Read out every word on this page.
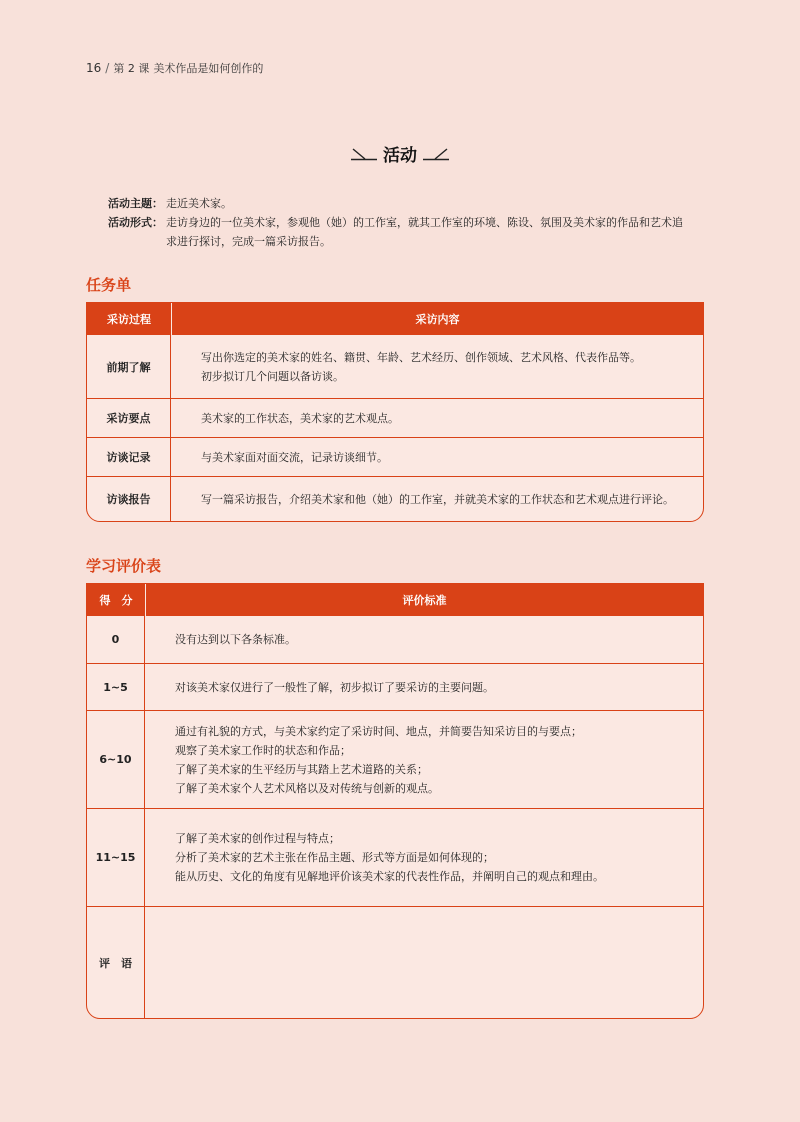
16 / 第 2 课 美术作品是如何创作的
活动
活动主题： 走近美术家。
活动形式： 走访身边的一位美术家，参观他（她）的工作室，就其工作室的环境、陈设、氛围及美术家的作品和艺术追
求进行探讨，完成一篇采访报告。
任务单
采访过程	采访内容
前期了解	写出你选定的美术家的姓名、籍贯、年龄、艺术经历、创作领域、艺术风格、代表作品等。
初步拟订几个问题以备访谈。

采访要点	美术家的工作状态，美术家的艺术观点。

访谈记录	与美术家面对面交流，记录访谈细节。

访谈报告	写一篇采访报告，介绍美术家和他（她）的工作室，并就美术家的工作状态和艺术观点进行评论。
学习评价表
得　分	评价标准
0	没有达到以下各条标准。

1~5	对该美术家仅进行了一般性了解，初步拟订了要采访的主要问题。

6~10	通过有礼貌的方式，与美术家约定了采访时间、地点，并简要告知采访目的与要点；
观察了美术家工作时的状态和作品；
了解了美术家的生平经历与其踏上艺术道路的关系；
了解了美术家个人艺术风格以及对传统与创新的观点。

11~15	了解了美术家的创作过程与特点；
分析了美术家的艺术主张在作品主题、形式等方面是如何体现的；
能从历史、文化的角度有见解地评价该美术家的代表性作品，并阐明自己的观点和理由。

评　语	
